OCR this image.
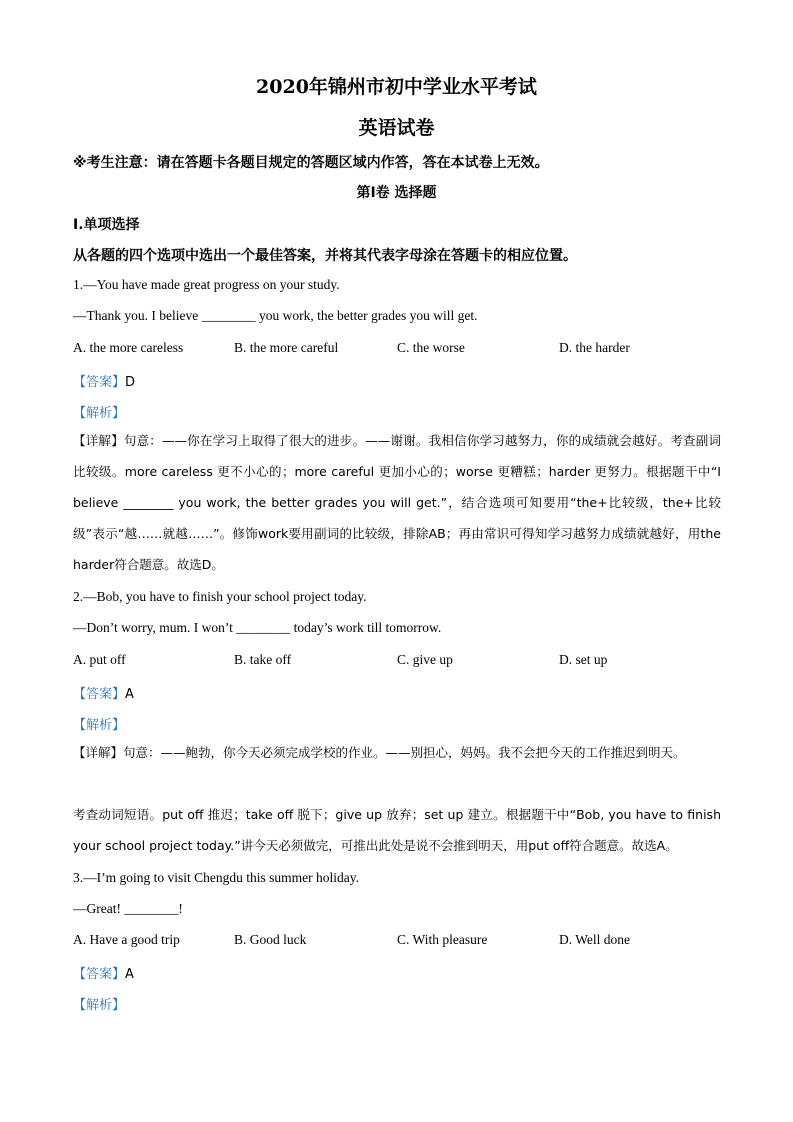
2020年锦州市初中学业水平考试
英语试卷
※考生注意：请在答题卡各题目规定的答题区域内作答，答在本试卷上无效。
第Ⅰ卷 选择题
Ⅰ.单项选择
从各题的四个选项中选出一个最佳答案，并将其代表字母涂在答题卡的相应位置。
1.—You have made great progress on your study.
—Thank you. I believe ________ you work, the better grades you will get.
A. the more careless	B. the more careful	C. the worse	D. the harder
【答案】D
【解析】
【详解】句意：——你在学习上取得了很大的进步。——谢谢。我相信你学习越努力，你的成绩就会越好。考查副词比较级。more careless 更不小心的；more careful 更加小心的；worse 更糟糕；harder 更努力。根据题干中“I believe ________ you work, the better grades you will get.”，结合选项可知要用“the+比较级，the+比较级”表示“越……就越……”。修饰work要用副词的比较级，排除AB；再由常识可得知学习越努力成绩就越好，用the harder符合题意。故选D。
2.—Bob, you have to finish your school project today.
—Don’t worry, mum. I won’t ________ today’s work till tomorrow.
A. put off	B. take off	C. give up	D. set up
【答案】A
【解析】
【详解】句意：——鲍勃，你今天必须完成学校的作业。——别担心，妈妈。我不会把今天的工作推迟到明天。
考查动词短语。put off 推迟；take off 脱下；give up 放弃；set up 建立。根据题干中“Bob, you have to finish your school project today.”讲今天必须做完，可推出此处是说不会推到明天，用put off符合题意。故选A。
3.—I’m going to visit Chengdu this summer holiday.
—Great! ________!
A. Have a good trip	B. Good luck	C. With pleasure	D. Well done
【答案】A
【解析】
